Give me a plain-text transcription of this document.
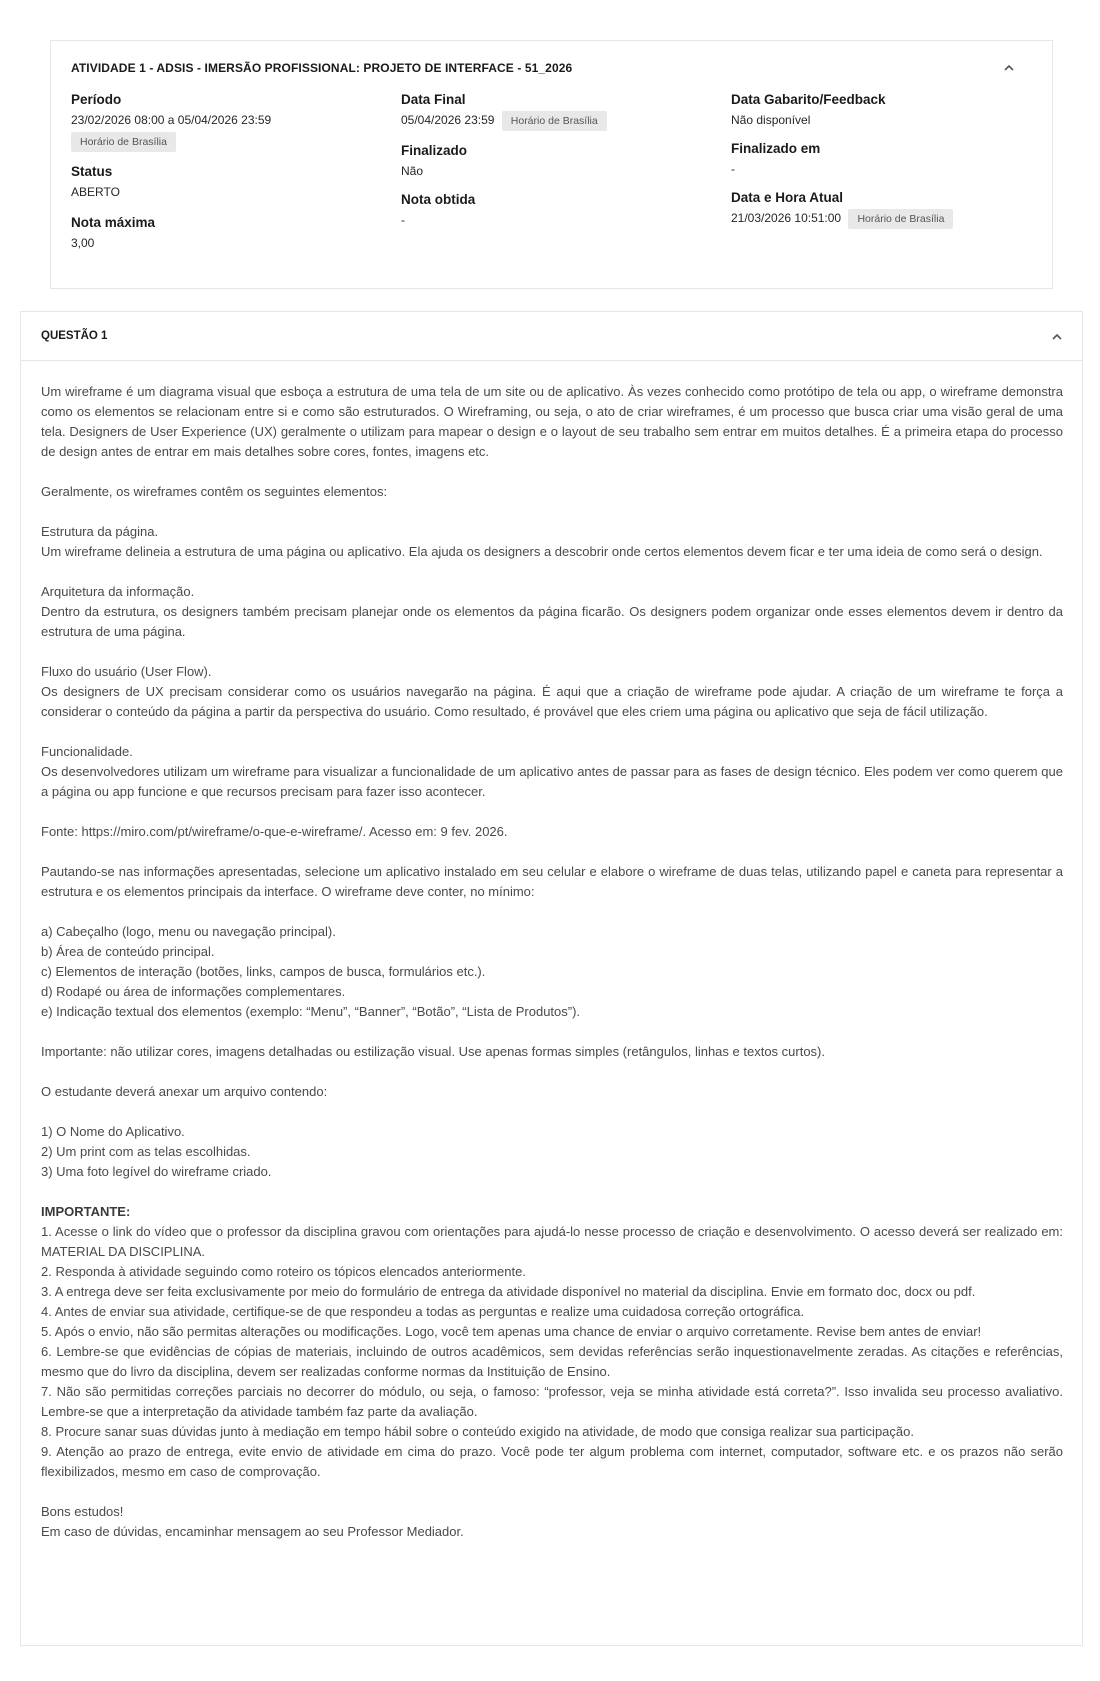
ATIVIDADE 1 - ADSIS - IMERSÃO PROFISSIONAL: PROJETO DE INTERFACE - 51_2026
Período
23/02/2026 08:00 a 05/04/2026 23:59
Horário de Brasília
Status
ABERTO
Nota máxima
3,00
Data Final
05/04/2026 23:59 Horário de Brasília
Finalizado
Não
Nota obtida
-
Data Gabarito/Feedback
Não disponível
Finalizado em
-
Data e Hora Atual
21/03/2026 10:51:00 Horário de Brasília
QUESTÃO 1

Um wireframe é um diagrama visual que esboça a estrutura de uma tela de um site ou de aplicativo. Às vezes conhecido como protótipo de tela ou app, o wireframe demonstra como os elementos se relacionam entre si e como são estruturados. O Wireframing, ou seja, o ato de criar wireframes, é um processo que busca criar uma visão geral de uma tela. Designers de User Experience (UX) geralmente o utilizam para mapear o design e o layout de seu trabalho sem entrar em muitos detalhes. É a primeira etapa do processo de design antes de entrar em mais detalhes sobre cores, fontes, imagens etc.

Geralmente, os wireframes contêm os seguintes elementos:

Estrutura da página.

Um wireframe delineia a estrutura de uma página ou aplicativo. Ela ajuda os designers a descobrir onde certos elementos devem ficar e ter uma ideia de como será o design.

Arquitetura da informação.

Dentro da estrutura, os designers também precisam planejar onde os elementos da página ficarão. Os designers podem organizar onde esses elementos devem ir dentro da estrutura de uma página.

Fluxo do usuário (User Flow).

Os designers de UX precisam considerar como os usuários navegarão na página. É aqui que a criação de wireframe pode ajudar. A criação de um wireframe te força a considerar o conteúdo da página a partir da perspectiva do usuário. Como resultado, é provável que eles criem uma página ou aplicativo que seja de fácil utilização.

Funcionalidade.

Os desenvolvedores utilizam um wireframe para visualizar a funcionalidade de um aplicativo antes de passar para as fases de design técnico. Eles podem ver como querem que a página ou app funcione e que recursos precisam para fazer isso acontecer.

Fonte: https://miro.com/pt/wireframe/o-que-e-wireframe/. Acesso em: 9 fev. 2026.

Pautando-se nas informações apresentadas, selecione um aplicativo instalado em seu celular e elabore o wireframe de duas telas, utilizando papel e caneta para representar a estrutura e os elementos principais da interface. O wireframe deve conter, no mínimo:

a) Cabeçalho (logo, menu ou navegação principal).

b) Área de conteúdo principal.

c) Elementos de interação (botões, links, campos de busca, formulários etc.).

d) Rodapé ou área de informações complementares.

e) Indicação textual dos elementos (exemplo: “Menu”, “Banner”, “Botão”, “Lista de Produtos”).

Importante: não utilizar cores, imagens detalhadas ou estilização visual. Use apenas formas simples (retângulos, linhas e textos curtos).

O estudante deverá anexar um arquivo contendo:

1) O Nome do Aplicativo.

2) Um print com as telas escolhidas.

3) Uma foto legível do wireframe criado.

IMPORTANTE:

1. Acesse o link do vídeo que o professor da disciplina gravou com orientações para ajudá-lo nesse processo de criação e desenvolvimento. O acesso deverá ser realizado em: MATERIAL DA DISCIPLINA.

2. Responda à atividade seguindo como roteiro os tópicos elencados anteriormente.

3. A entrega deve ser feita exclusivamente por meio do formulário de entrega da atividade disponível no material da disciplina. Envie em formato doc, docx ou pdf.

4. Antes de enviar sua atividade, certifique-se de que respondeu a todas as perguntas e realize uma cuidadosa correção ortográfica.

5. Após o envio, não são permitas alterações ou modificações. Logo, você tem apenas uma chance de enviar o arquivo corretamente. Revise bem antes de enviar!

6. Lembre-se que evidências de cópias de materiais, incluindo de outros acadêmicos, sem devidas referências serão inquestionavelmente zeradas. As citações e referências, mesmo que do livro da disciplina, devem ser realizadas conforme normas da Instituição de Ensino.

7. Não são permitidas correções parciais no decorrer do módulo, ou seja, o famoso: “professor, veja se minha atividade está correta?”. Isso invalida seu processo avaliativo. Lembre-se que a interpretação da atividade também faz parte da avaliação.

8. Procure sanar suas dúvidas junto à mediação em tempo hábil sobre o conteúdo exigido na atividade, de modo que consiga realizar sua participação.

9. Atenção ao prazo de entrega, evite envio de atividade em cima do prazo. Você pode ter algum problema com internet, computador, software etc. e os prazos não serão flexibilizados, mesmo em caso de comprovação.

Bons estudos!

Em caso de dúvidas, encaminhar mensagem ao seu Professor Mediador.
